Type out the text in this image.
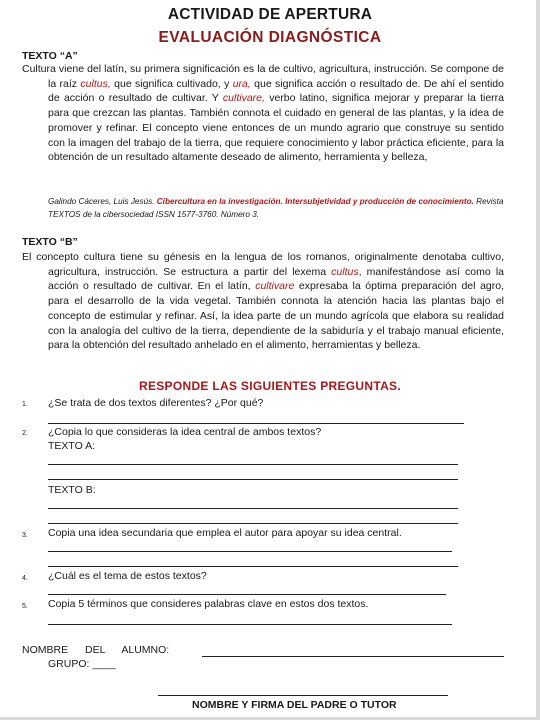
ACTIVIDAD DE APERTURA
EVALUACIÓN DIAGNÓSTICA
TEXTO “A”
Cultura viene del latín, su primera significación es la de cultivo, agricultura, instrucción. Se compone de la raíz cultus, que significa cultivado, y ura, que significa acción o resultado de. De ahí el sentido de acción o resultado de cultivar. Y cultivare, verbo latino, significa mejorar y preparar la tierra para que crezcan las plantas. También connota el cuidado en general de las plantas, y la idea de promover y refinar. El concepto viene entonces de un mundo agrario que construye su sentido con la imagen del trabajo de la tierra, que requiere conocimiento y labor práctica eficiente, para la obtención de un resultado altamente deseado de alimento, herramienta y belleza,
Galindo Cáceres, Luis Jesús. Cibercultura en la investigación. Intersubjetividad y producción de conocimiento. Revista TEXTOS de la cibersociedad ISSN 1577-3760. Número 3.
TEXTO “B”
El concepto cultura tiene su génesis en la lengua de los romanos, originalmente denotaba cultivo, agricultura, instrucción. Se estructura a partir del lexema cultus, manifestándose así como la acción o resultado de cultivar. En el latín, cultivare expresaba la óptima preparación del agro, para el desarrollo de la vida vegetal. También connota la atención hacia las plantas bajo el concepto de estimular y refinar. Así, la idea parte de un mundo agrícola que elabora su realidad con la analogía del cultivo de la tierra, dependiente de la sabiduría y el trabajo manual eficiente, para la obtención del resultado anhelado en el alimento, herramientas y belleza.
RESPONDE LAS SIGUIENTES PREGUNTAS.
1. ¿Se trata de dos textos diferentes? ¿Por qué?
2. ¿Copia lo que consideras la idea central de ambos textos?
TEXTO A:
TEXTO B:
3. Copia una idea secundaria que emplea el autor para apoyar su idea central.
4. ¿Cuál es el tema de estos textos?
5. Copia 5 términos que consideres palabras clave en estos dos textos.
NOMBRE DEL ALUMNO:
GRUPO: ____
NOMBRE Y FIRMA DEL PADRE O TUTOR
